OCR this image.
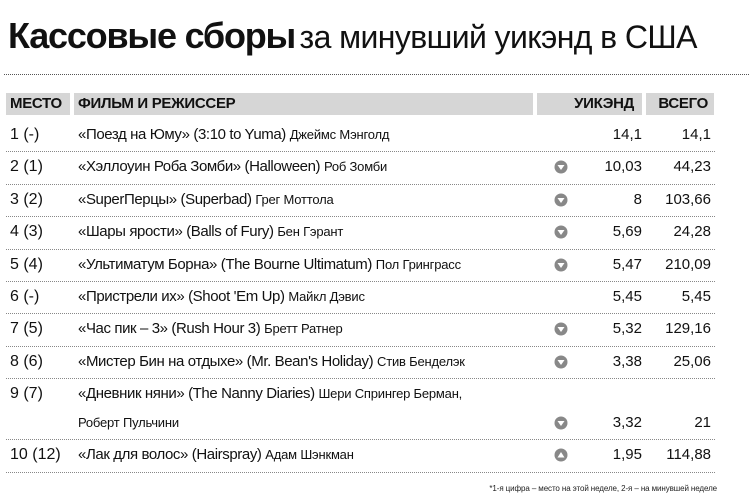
Кассовые сборы за минувший уикэнд в США
МЕСТО	ФИЛЬМ И РЕЖИССЕР	УИКЭНД	ВСЕГО
1 (-)	«Поезд на Юму» (3:10 to Yuma) Джеймс Мэнголд	14,1	14,1
2 (1) «Хэллоуин Роба Зомби» (Halloween) Роб Зомби	10,03 44,23
3 (2) «SuperПерцы» (Superbad) Грег Моттола	8 103,66
4 (3) «Шары ярости» (Balls of Fury) Бен Гэрант	5,69 24,28
5 (4) «Ультиматум Борна» (The Bourne Ultimatum) Пол Гринграсс	5,47 210,09
6 (-)	«Пристрели их» (Shoot 'Em Up) Майкл Дэвис	5,45	5,45
7 (5) «Час пик – 3» (Rush Hour 3) Бретт Ратнер	5,32 129,16
8 (6) «Мистер Бин на отдыхе» (Mr. Bean's Holiday) Стив Бенделэк	3,38 25,06
9 (7) «Дневник няни» (The Nanny Diaries) Шери Спрингер Берман,
Роберт Пульчини	3,32	21
10 (12) «Лак для волос» (Hairspray) Адам Шэнкман	1,95 114,88
*1-я цифра – место на этой неделе, 2-я – на минувшей неделе
